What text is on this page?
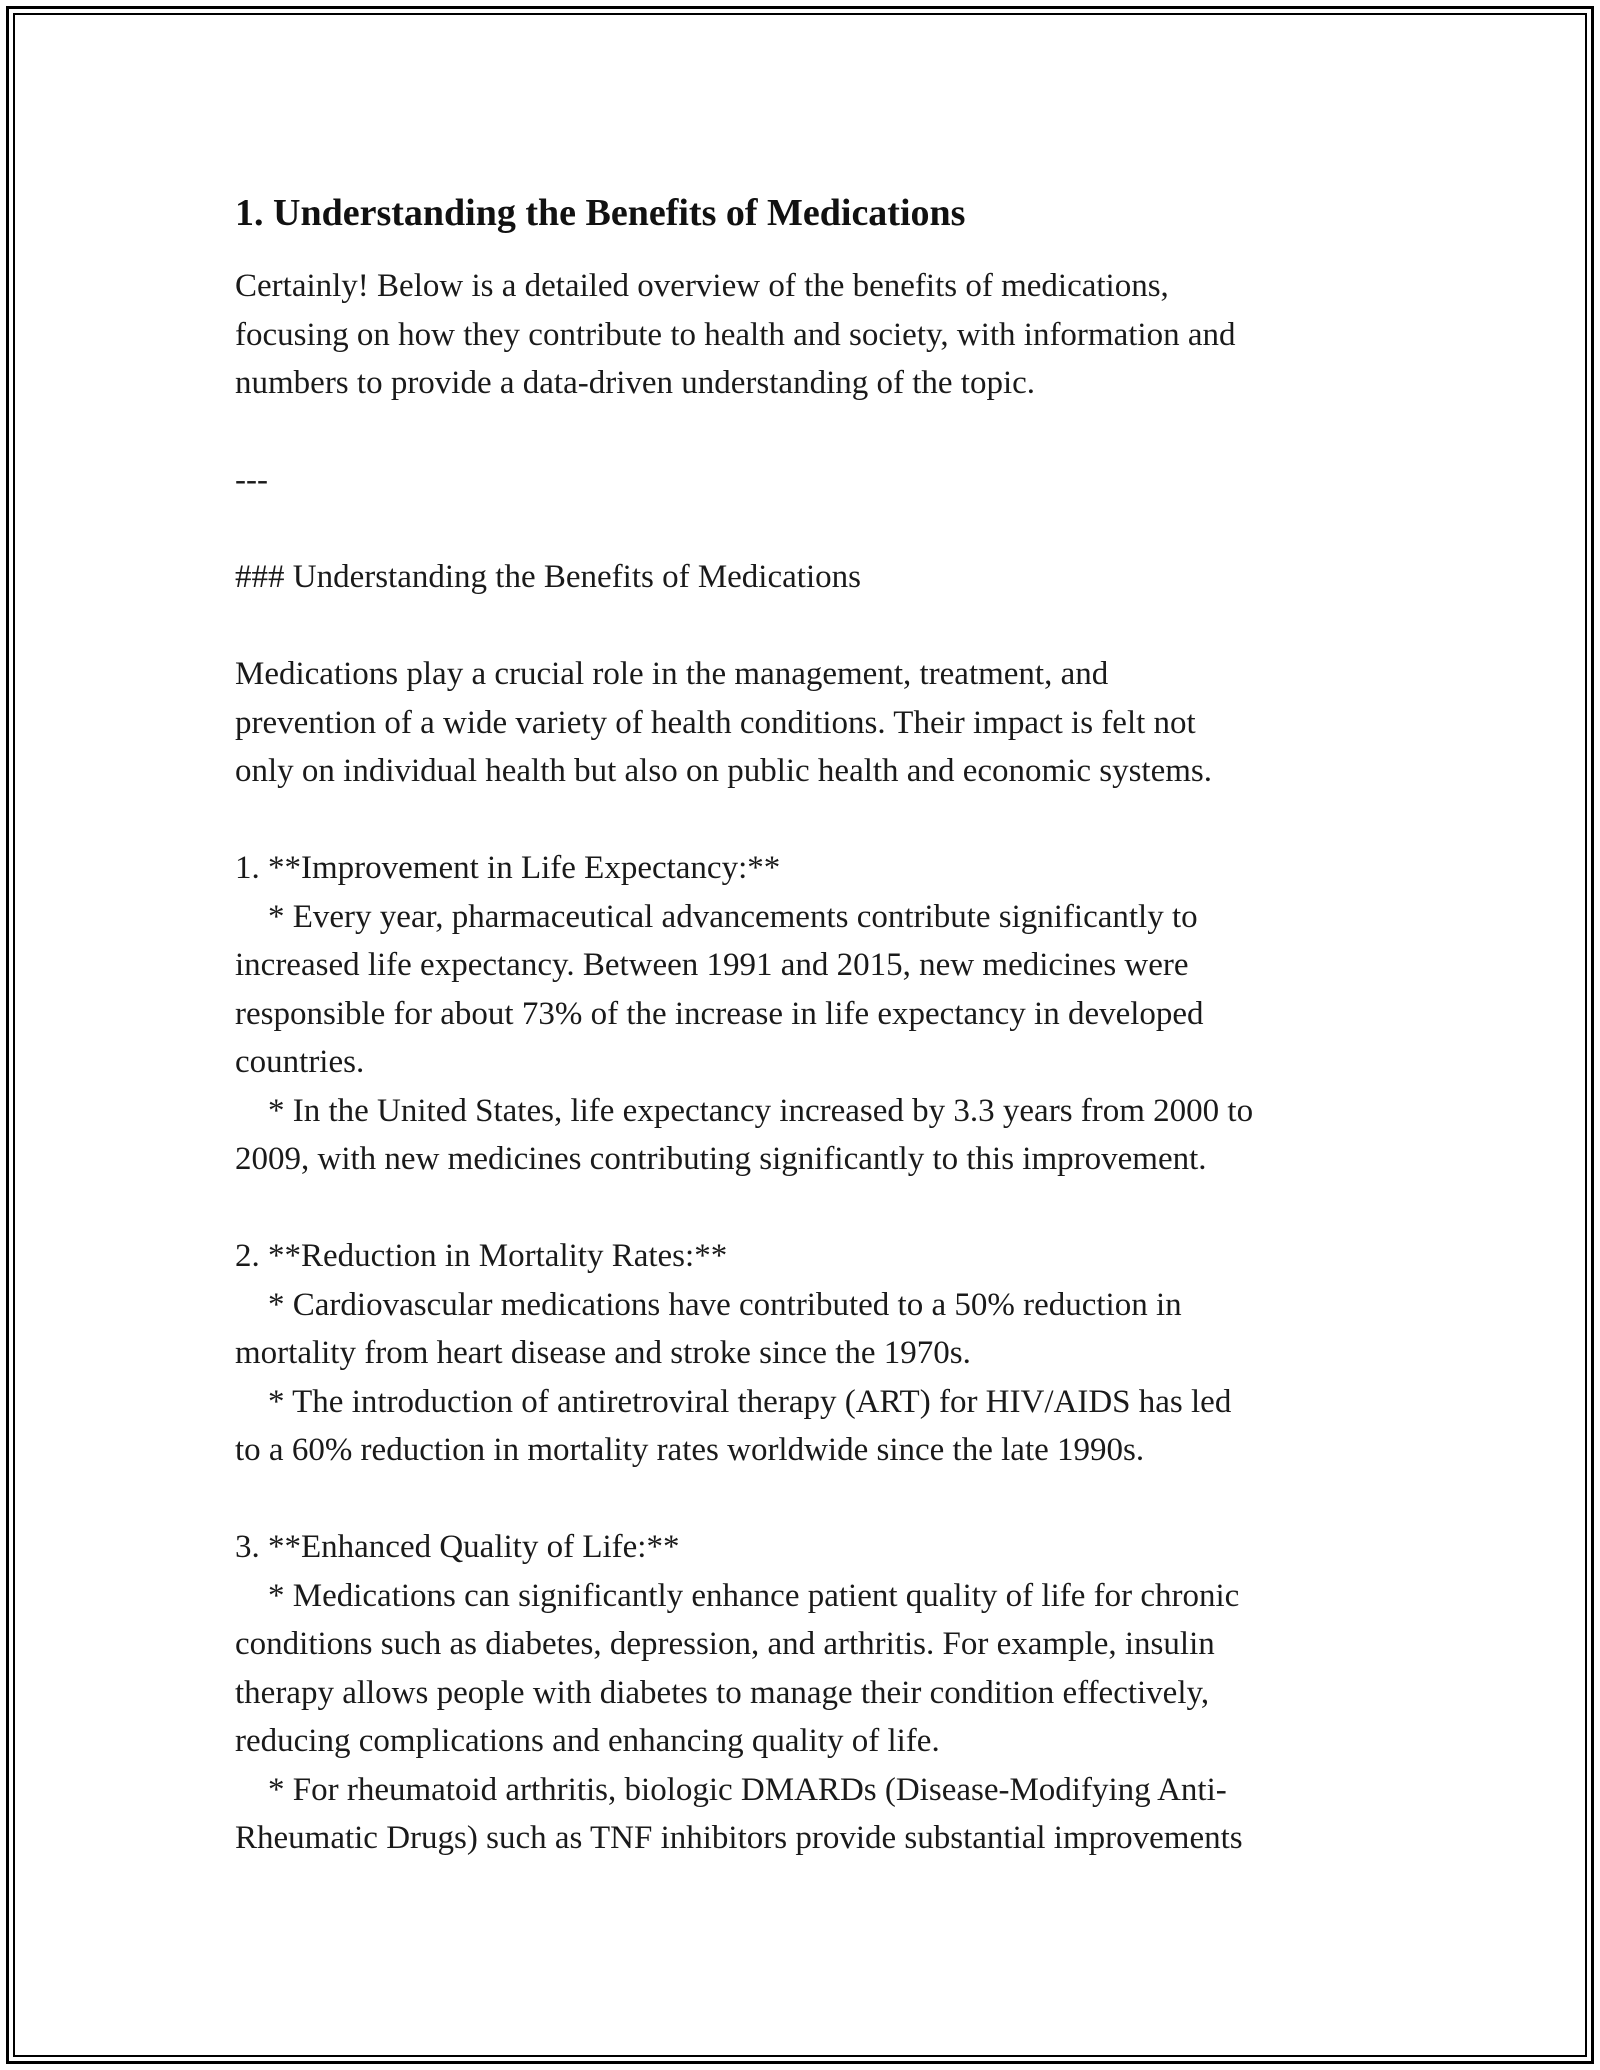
1. Understanding the Benefits of Medications

Certainly! Below is a detailed overview of the benefits of medications,
focusing on how they contribute to health and society, with information and
numbers to provide a data-driven understanding of the topic.

---

### Understanding the Benefits of Medications

Medications play a crucial role in the management, treatment, and
prevention of a wide variety of health conditions. Their impact is felt not
only on individual health but also on public health and economic systems.

1. **Improvement in Life Expectancy:**

* Every year, pharmaceutical advancements contribute significantly to
increased life expectancy. Between 1991 and 2015, new medicines were
responsible for about 73% of the increase in life expectancy in developed
countries.

* In the United States, life expectancy increased by 3.3 years from 2000 to
2009, with new medicines contributing significantly to this improvement.

2. **Reduction in Mortality Rates:**

* Cardiovascular medications have contributed to a 50% reduction in
mortality from heart disease and stroke since the 1970s.

* The introduction of antiretroviral therapy (ART) for HIV/AIDS has led
to a 60% reduction in mortality rates worldwide since the late 1990s.

3. **Enhanced Quality of Life:**

* Medications can significantly enhance patient quality of life for chronic
conditions such as diabetes, depression, and arthritis. For example, insulin
therapy allows people with diabetes to manage their condition effectively,
reducing complications and enhancing quality of life.

* For rheumatoid arthritis, biologic DMARDs (Disease-Modifying Anti-
Rheumatic Drugs) such as TNF inhibitors provide substantial improvements
